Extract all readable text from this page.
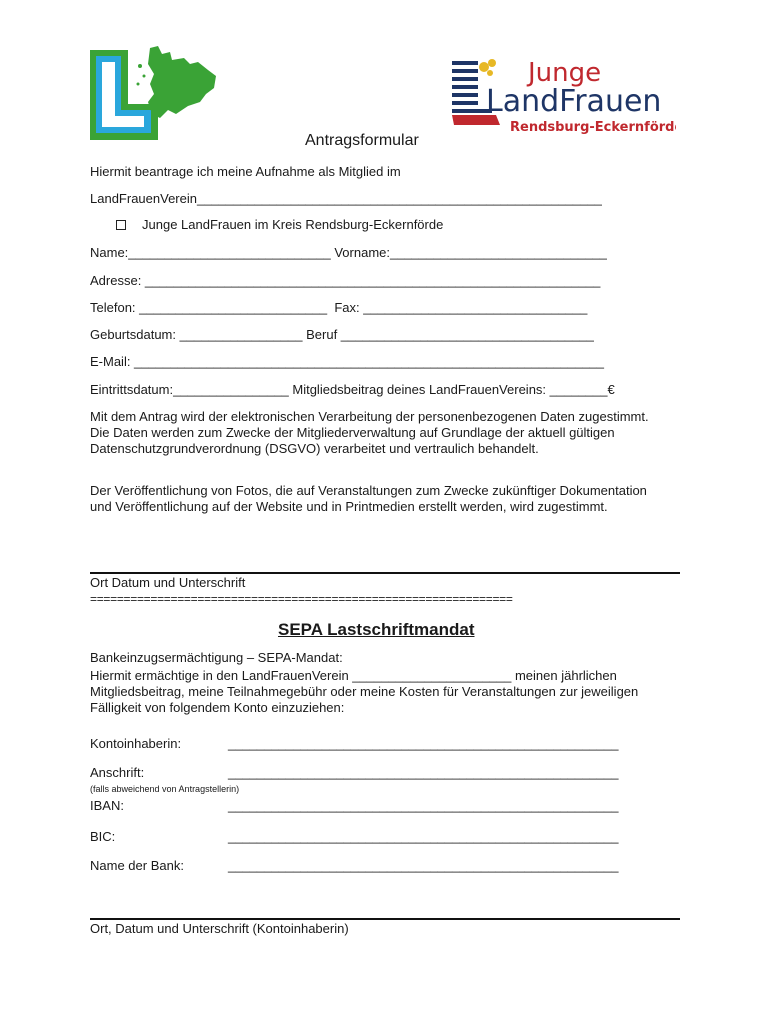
Junge
LandFrauen
Rendsburg-Eckernförde
Antragsformular
Hiermit beantrage ich meine Aufnahme als Mitglied im
LandFrauenVerein________________________________________________________
Junge LandFrauen im Kreis Rendsburg-Eckernförde
Name:____________________________ Vorname:______________________________
Adresse: _______________________________________________________________
Telefon: __________________________  Fax: _______________________________
Geburtsdatum: _________________ Beruf ___________________________________
E-Mail: _________________________________________________________________
Eintrittsdatum:________________ Mitgliedsbeitrag deines LandFrauenVereins: ________€
Mit dem Antrag wird der elektronischen Verarbeitung der personenbezogenen Daten zugestimmt. Die Daten werden zum Zwecke der Mitgliederverwaltung auf Grundlage der aktuell gültigen Datenschutzgrundverordnung (DSGVO) verarbeitet und vertraulich behandelt.
Der Veröffentlichung von Fotos, die auf Veranstaltungen zum Zwecke zukünftiger Dokumentation und Veröffentlichung auf der Website und in Printmedien erstellt werden, wird zugestimmt.
Ort Datum und Unterschrift
===============================================================
SEPA Lastschriftmandat
Bankeinzugsermächtigung – SEPA-Mandat:
Hiermit ermächtige in den LandFrauenVerein ______________________ meinen jährlichen Mitgliedsbeitrag, meine Teilnahmegebühr oder meine Kosten für Veranstaltungen zur jeweiligen Fälligkeit von folgendem Konto einzuziehen:
Kontoinhaberin:	______________________________________________________
Anschrift:	______________________________________________________
(falls abweichend von Antragstellerin)
IBAN:	______________________________________________________
BIC:	______________________________________________________
Name der Bank:	______________________________________________________
Ort, Datum und Unterschrift (Kontoinhaberin)
